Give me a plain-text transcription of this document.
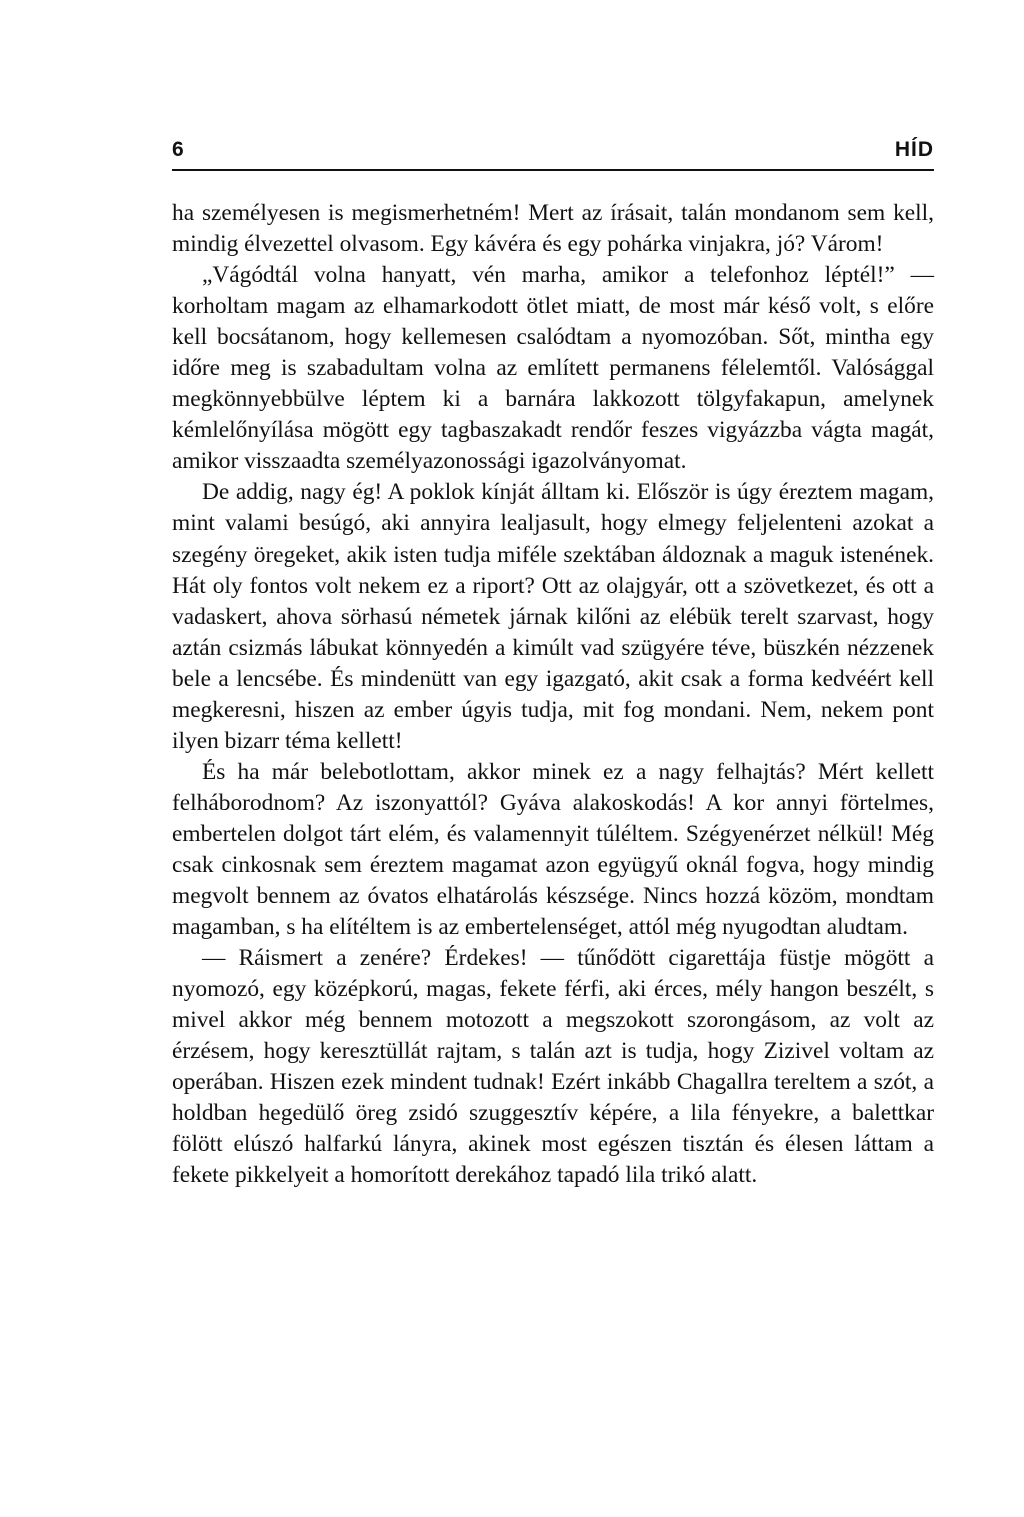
6	HÍD

ha személyesen is megismerhetném! Mert az írásait, talán mondanom sem kell, mindig élvezettel olvasom. Egy kávéra és egy pohárka vinjakra, jó? Várom!

„Vágódtál volna hanyatt, vén marha, amikor a telefonhoz léptél!” — korholtam magam az elhamarkodott ötlet miatt, de most már késő volt, s előre kell bocsátanom, hogy kellemesen csalódtam a nyomozóban. Sőt, mintha egy időre meg is szabadultam volna az említett permanens félelemtől. Valósággal megkönnyebbülve léptem ki a barnára lakkozott tölgyfakapun, amelynek kémlelőnyílása mögött egy tagbaszakadt rendőr feszes vigyázzba vágta magát, amikor visszaadta személyazonossági igazolványomat.

De addig, nagy ég! A poklok kínját álltam ki. Először is úgy éreztem magam, mint valami besúgó, aki annyira lealjasult, hogy elmegy feljelenteni azokat a szegény öregeket, akik isten tudja miféle szektában áldoznak a maguk istenének. Hát oly fontos volt nekem ez a riport? Ott az olajgyár, ott a szövetkezet, és ott a vadaskert, ahova sörhasú németek járnak kilőni az elébük terelt szarvast, hogy aztán csizmás lábukat könnyedén a kimúlt vad szügyére téve, büszkén nézzenek bele a lencsébe. És mindenütt van egy igazgató, akit csak a forma kedvéért kell megkeresni, hiszen az ember úgyis tudja, mit fog mondani. Nem, nekem pont ilyen bizarr téma kellett!

És ha már belebotlottam, akkor minek ez a nagy felhajtás? Mért kellett felháborodnom? Az iszonyattól? Gyáva alakoskodás! A kor annyi förtelmes, embertelen dolgot tárt elém, és valamennyit túléltem. Szégyenérzet nélkül! Még csak cinkosnak sem éreztem magamat azon együgyű oknál fogva, hogy mindig megvolt bennem az óvatos elhatárolás készsége. Nincs hozzá közöm, mondtam magamban, s ha elítéltem is az embertelenséget, attól még nyugodtan aludtam.

— Ráismert a zenére? Érdekes! — tűnődött cigarettája füstje mögött a nyomozó, egy középkorú, magas, fekete férfi, aki érces, mély hangon beszélt, s mivel akkor még bennem motozott a megszokott szorongásom, az volt az érzésem, hogy keresztüllát rajtam, s talán azt is tudja, hogy Zizivel voltam az operában. Hiszen ezek mindent tudnak! Ezért inkább Chagallra tereltem a szót, a holdban hegedülő öreg zsidó szuggesztív képére, a lila fényekre, a balettkar fölött elúszó halfarkú lányra, akinek most egészen tisztán és élesen láttam a fekete pikkelyeit a homorított derekához tapadó lila trikó alatt.
